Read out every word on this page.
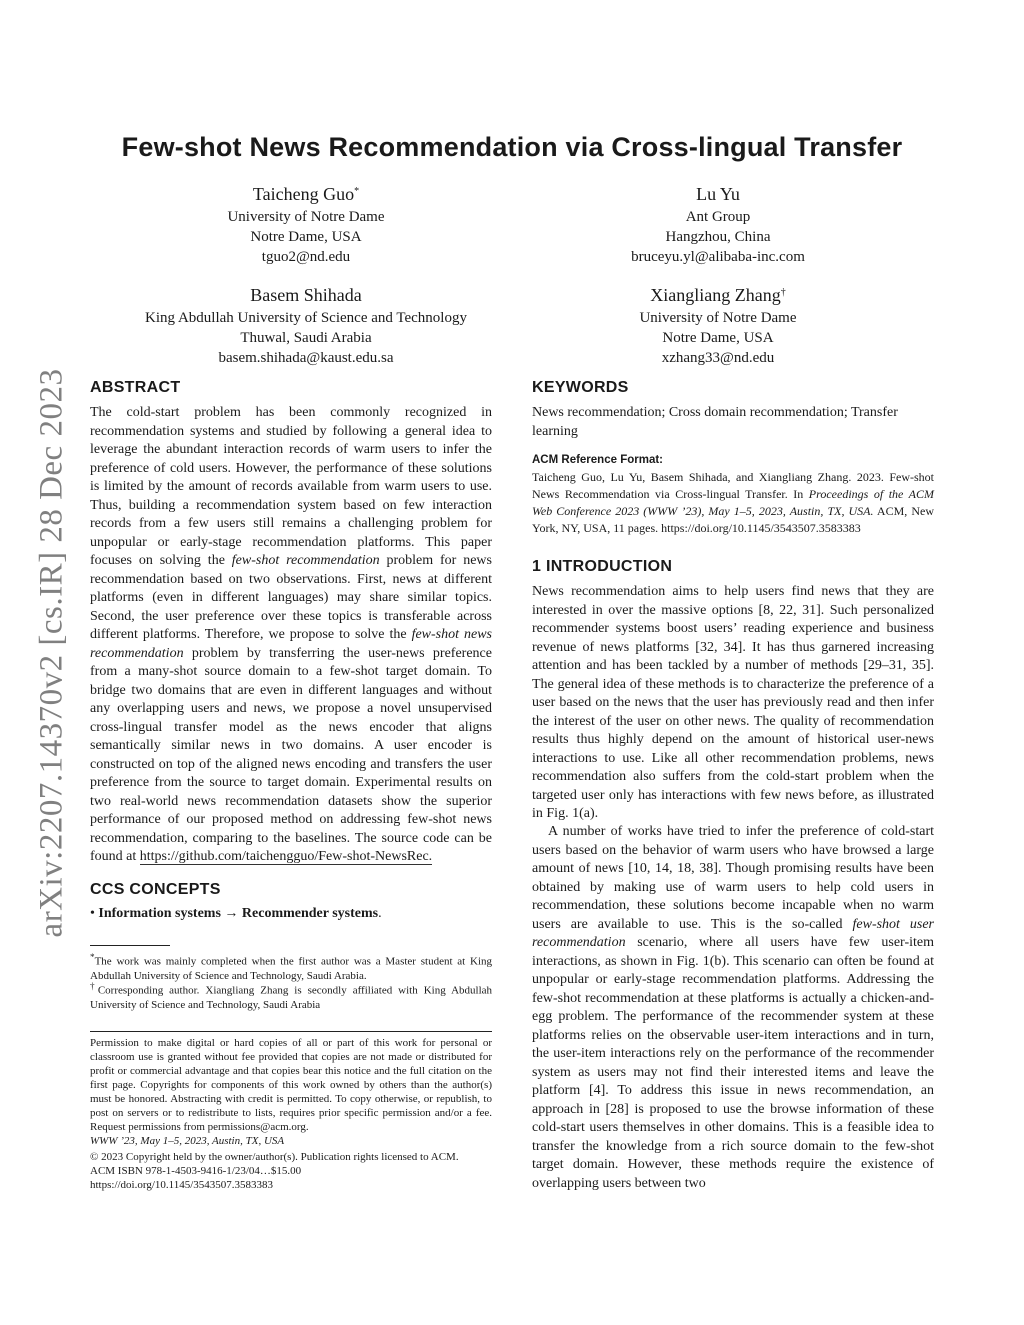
arXiv:2207.14370v2 [cs.IR] 28 Dec 2023
Few-shot News Recommendation via Cross-lingual Transfer
Taicheng Guo*
University of Notre Dame
Notre Dame, USA
tguo2@nd.edu
Lu Yu
Ant Group
Hangzhou, China
bruceyu.yl@alibaba-inc.com
Basem Shihada
King Abdullah University of Science and Technology
Thuwal, Saudi Arabia
basem.shihada@kaust.edu.sa
Xiangliang Zhang†
University of Notre Dame
Notre Dame, USA
xzhang33@nd.edu
ABSTRACT
The cold-start problem has been commonly recognized in recommendation systems and studied by following a general idea to leverage the abundant interaction records of warm users to infer the preference of cold users. However, the performance of these solutions is limited by the amount of records available from warm users to use. Thus, building a recommendation system based on few interaction records from a few users still remains a challenging problem for unpopular or early-stage recommendation platforms. This paper focuses on solving the few-shot recommendation problem for news recommendation based on two observations. First, news at different platforms (even in different languages) may share similar topics. Second, the user preference over these topics is transferable across different platforms. Therefore, we propose to solve the few-shot news recommendation problem by transferring the user-news preference from a many-shot source domain to a few-shot target domain. To bridge two domains that are even in different languages and without any overlapping users and news, we propose a novel unsupervised cross-lingual transfer model as the news encoder that aligns semantically similar news in two domains. A user encoder is constructed on top of the aligned news encoding and transfers the user preference from the source to target domain. Experimental results on two real-world news recommendation datasets show the superior performance of our proposed method on addressing few-shot news recommendation, comparing to the baselines. The source code can be found at https://github.com/taichengguo/Few-shot-NewsRec.
CCS CONCEPTS
• Information systems → Recommender systems.
*The work was mainly completed when the first author was a Master student at King Abdullah University of Science and Technology, Saudi Arabia.
†Corresponding author. Xiangliang Zhang is secondly affiliated with King Abdullah University of Science and Technology, Saudi Arabia
Permission to make digital or hard copies of all or part of this work for personal or classroom use is granted without fee provided that copies are not made or distributed for profit or commercial advantage and that copies bear this notice and the full citation on the first page. Copyrights for components of this work owned by others than the author(s) must be honored. Abstracting with credit is permitted. To copy otherwise, or republish, to post on servers or to redistribute to lists, requires prior specific permission and/or a fee. Request permissions from permissions@acm.org.
WWW ’23, May 1–5, 2023, Austin, TX, USA
© 2023 Copyright held by the owner/author(s). Publication rights licensed to ACM.
ACM ISBN 978-1-4503-9416-1/23/04…$15.00
https://doi.org/10.1145/3543507.3583383
KEYWORDS
News recommendation; Cross domain recommendation; Transfer learning
ACM Reference Format:
Taicheng Guo, Lu Yu, Basem Shihada, and Xiangliang Zhang. 2023. Few-shot News Recommendation via Cross-lingual Transfer. In Proceedings of the ACM Web Conference 2023 (WWW ’23), May 1–5, 2023, Austin, TX, USA. ACM, New York, NY, USA, 11 pages. https://doi.org/10.1145/3543507.3583383
1 INTRODUCTION
News recommendation aims to help users find news that they are interested in over the massive options [8, 22, 31]. Such personalized recommender systems boost users’ reading experience and business revenue of news platforms [32, 34]. It has thus garnered increasing attention and has been tackled by a number of methods [29–31, 35]. The general idea of these methods is to characterize the preference of a user based on the news that the user has previously read and then infer the interest of the user on other news. The quality of recommendation results thus highly depend on the amount of historical user-news interactions to use. Like all other recommendation problems, news recommendation also suffers from the cold-start problem when the targeted user only has interactions with few news before, as illustrated in Fig. 1(a).
A number of works have tried to infer the preference of cold-start users based on the behavior of warm users who have browsed a large amount of news [10, 14, 18, 38]. Though promising results have been obtained by making use of warm users to help cold users in recommendation, these solutions become incapable when no warm users are available to use. This is the so-called few-shot user recommendation scenario, where all users have few user-item interactions, as shown in Fig. 1(b). This scenario can often be found at unpopular or early-stage recommendation platforms. Addressing the few-shot recommendation at these platforms is actually a chicken-and-egg problem. The performance of the recommender system at these platforms relies on the observable user-item interactions and in turn, the user-item interactions rely on the performance of the recommender system as users may not find their interested items and leave the platform [4]. To address this issue in news recommendation, an approach in [28] is proposed to use the browse information of these cold-start users themselves in other domains. This is a feasible idea to transfer the knowledge from a rich source domain to the few-shot target domain. However, these methods require the existence of overlapping users between two
